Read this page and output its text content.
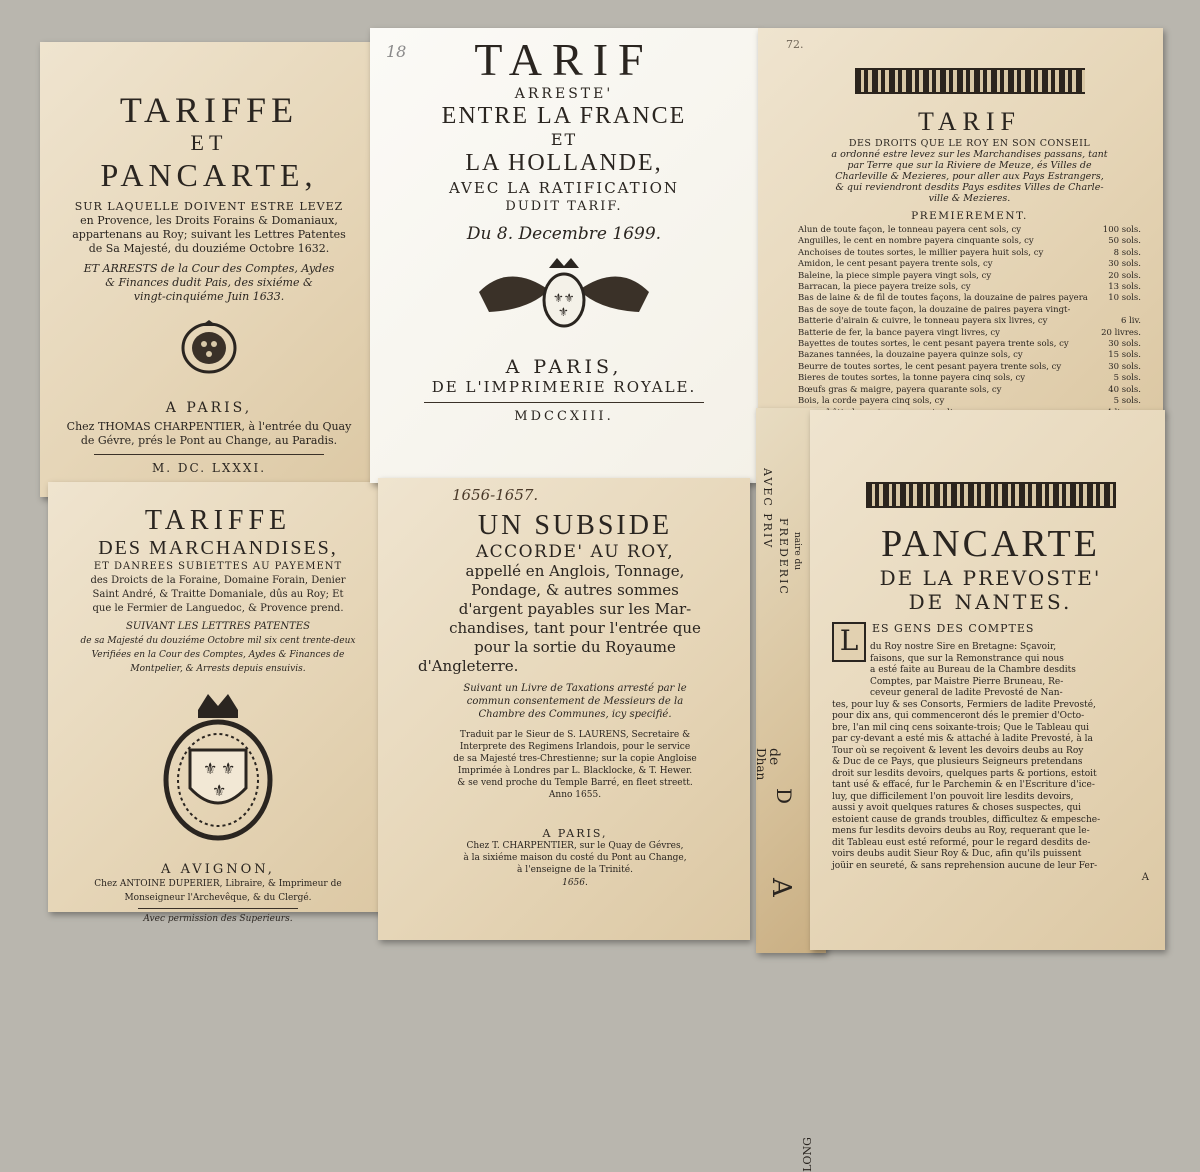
TARIFFE
ET
PANCARTE,
SUR LAQUELLE DOIVENT ESTRE LEVEZ
en Provence, les Droits Forains & Domaniaux,
appartenans au Roy; suivant les Lettres Patentes
de Sa Majesté, du douziéme Octobre 1632.
ET ARRESTS de la Cour des Comptes, Aydes
& Finances dudit Pais, des sixiéme &
vingt-cinquiéme Juin 1633.
A PARIS,
Chez THOMAS CHARPENTIER, à l'entrée du Quay
de Gévre, prés le Pont au Change, au Paradis.
M. DC. LXXXI.
TARIFFE
DES MARCHANDISES,
ET DANREES SUBIETTES AU PAYEMENT
des Droicts de la Foraine, Domaine Forain, Denier
Saint André, & Traitte Domaniale, dûs au Roy; Et
que le Fermier de Languedoc, & Provence prend.
SUIVANT LES LETTRES PATENTES
de sa Majesté du douziéme Octobre mil six cent trente-deux
Verifiées en la Cour des Comptes, Aydes & Finances de
Montpelier, & Arrests depuis ensuivis.
⚜ ⚜
⚜
A AVIGNON,
Chez ANTOINE DUPERIER, Libraire, & Imprimeur de
Monseigneur l'Archevêque, & du Clergé.
Avec permission des Superieurs.
18	TARIF
ARRESTE'
ENTRE LA FRANCE
ET
LA HOLLANDE,
AVEC LA RATIFICATION
DUDIT TARIF.
Du 8. Decembre 1699.
⚜⚜
⚜
A PARIS,
DE L'IMPRIMERIE ROYALE.
MDCCXIII.
72.
TARIF
DES DROITS QUE LE ROY EN SON CONSEIL
a ordonné estre levez sur les Marchandises passans, tant
par Terre que sur la Riviere de Meuze, és Villes de
Charleville & Mezieres, pour aller aux Pays Estrangers,
& qui reviendront desdits Pays esdites Villes de Charle-
ville & Mezieres.
PREMIEREMENT.
Alun de toute façon, le tonneau payera cent sols, cy	100 sols.
Anguilles, le cent en nombre payera cinquante sols, cy	50 sols.
Anchoises de toutes sortes, le millier payera huit sols, cy	8 sols.
Amidon, le cent pesant payera trente sols, cy	30 sols.
Baleine, la piece simple payera vingt sols, cy	20 sols.
Barracan, la piece payera treize sols, cy	13 sols.
Bas de laine & de fil de toutes façons, la douzaine de paires payera 10 sols.
Bas de soye de toute façon, la douzaine de paires payera vingt-
Batterie d'airain & cuivre, le tonneau payera six livres, cy	6 liv.
Batterie de fer, la bance payera vingt livres, cy	20 livres.
Bayettes de toutes sortes, le cent pesant payera trente sols, cy	30 sols.
Bazanes tannées, la douzaine payera quinze sols, cy	15 sols.
Beurre de toutes sortes, le cent pesant payera trente sols, cy	30 sols.
Bieres de toutes sortes, la tonne payera cinq sols, cy	5 sols.
Bœufs gras & maigre, payera quarante sols, cy	40 sols.
Bois, la corde payera cinq sols, cy	5 sols.
AVEC PRIV
FREDERIC naire du
LONG
de
Dhan
A
D
1656-1657.
UN SUBSIDE
ACCORDE' AU ROY,
appellé en Anglois, Tonnage,
Pondage, & autres sommes
d'argent payables sur les Mar-
chandises, tant pour l'entrée que
pour la sortie du Royaume
d'Angleterre.
Suivant un Livre de Taxations arresté par le
commun consentement de Messieurs de la
Chambre des Communes, icy specifié.
Traduit par le Sieur de S. LAURENS, Secretaire &
Interprete des Regimens Irlandois, pour le service
de sa Majesté tres-Chrestienne; sur la copie Angloise
Imprimée à Londres par L. Blacklocke, & T. Hewer.
& se vend proche du Temple Barré, en fleet streett.
Anno 1655.
A PARIS,
Chez T. CHARPENTIER, sur le Quay de Gévres,
à la sixiéme maison du costé du Pont au Change,
à l'enseigne de la Trinité.
1656.
PANCARTE
DE LA PREVOSTE'
DE NANTES.
L	ES GENS DES COMPTES
du Roy nostre Sire en Bretagne: Sçavoir,
faisons, que sur la Remonstrance qui nous
a esté faite au Bureau de la Chambre desdits
Comptes, par Maistre Pierre Bruneau, Re-
ceveur general de ladite Prevosté de Nan-
tes, pour luy & ses Consorts, Fermiers de ladite Prevosté,
pour dix ans, qui commenceront dés le premier d'Octo-
bre, l'an mil cinq cens soixante-trois; Que le Tableau qui
par cy-devant a esté mis & attaché à ladite Prevosté, à la
Tour où se reçoivent & levent les devoirs deubs au Roy
& Duc de ce Pays, que plusieurs Seigneurs pretendans
droit sur lesdits devoirs, quelques parts & portions, estoit
tant usé & effacé, fur le Parchemin & en l'Escriture d'ice-
luy, que difficilement l'on pouvoit lire lesdits devoirs,
aussi y avoit quelques ratures & choses suspectes, qui
estoient cause de grands troubles, difficultez & empesche-
mens fur lesdits devoirs deubs au Roy, requerant que le-
dit Tableau eust esté reformé, pour le regard desdits de-
voirs deubs audit Sieur Roy & Duc, afin qu'ils puissent
joüir en seureté, & sans reprehension aucune de leur Fer-
A
